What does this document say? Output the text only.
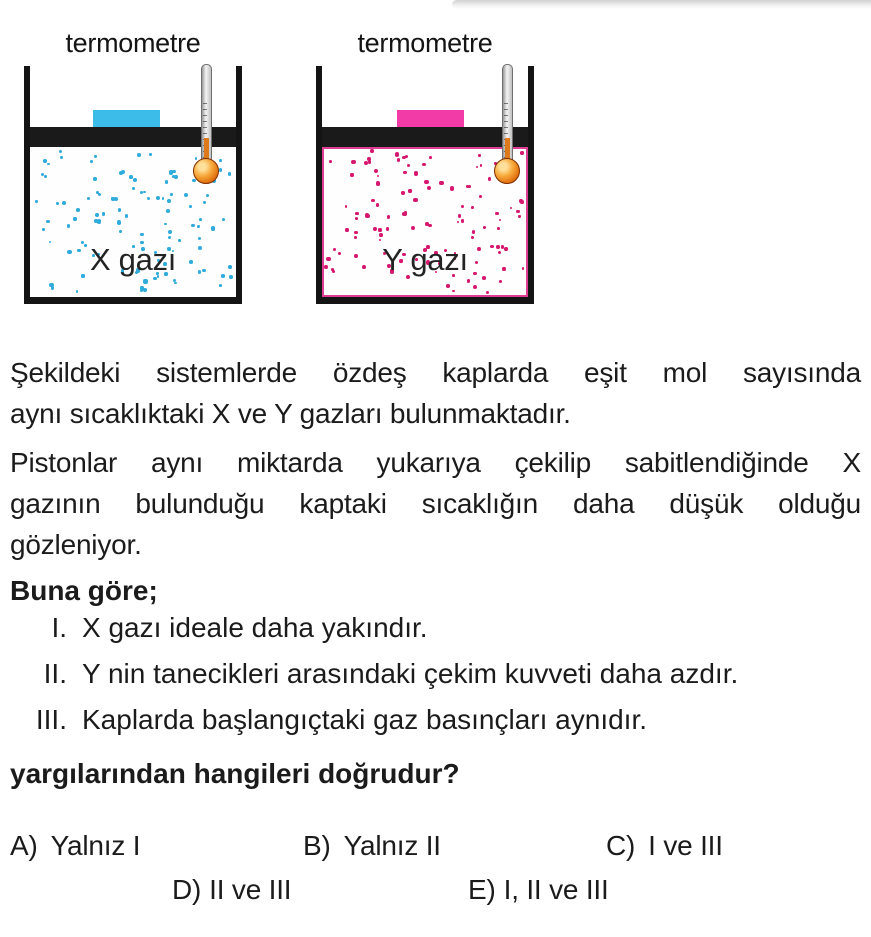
termometre
X gazı
termometre
Y gazı
Şekildeki sistemlerde özdeş kaplarda eşit mol sayısında
aynı sıcaklıktaki X ve Y gazları bulunmaktadır.
Pistonlar aynı miktarda yukarıya çekilip sabitlendiğinde X
gazının bulunduğu kaptaki sıcaklığın daha düşük olduğu
gözleniyor.
Buna göre;
I. X gazı ideale daha yakındır.
II. Y nin tanecikleri arasındaki çekim kuvveti daha azdır.
III. Kaplarda başlangıçtaki gaz basınçları aynıdır.
yargılarından hangileri doğrudur?
A) Yalnız I	B) Yalnız II	C) I ve III
D) II ve III	E) I, II ve III
